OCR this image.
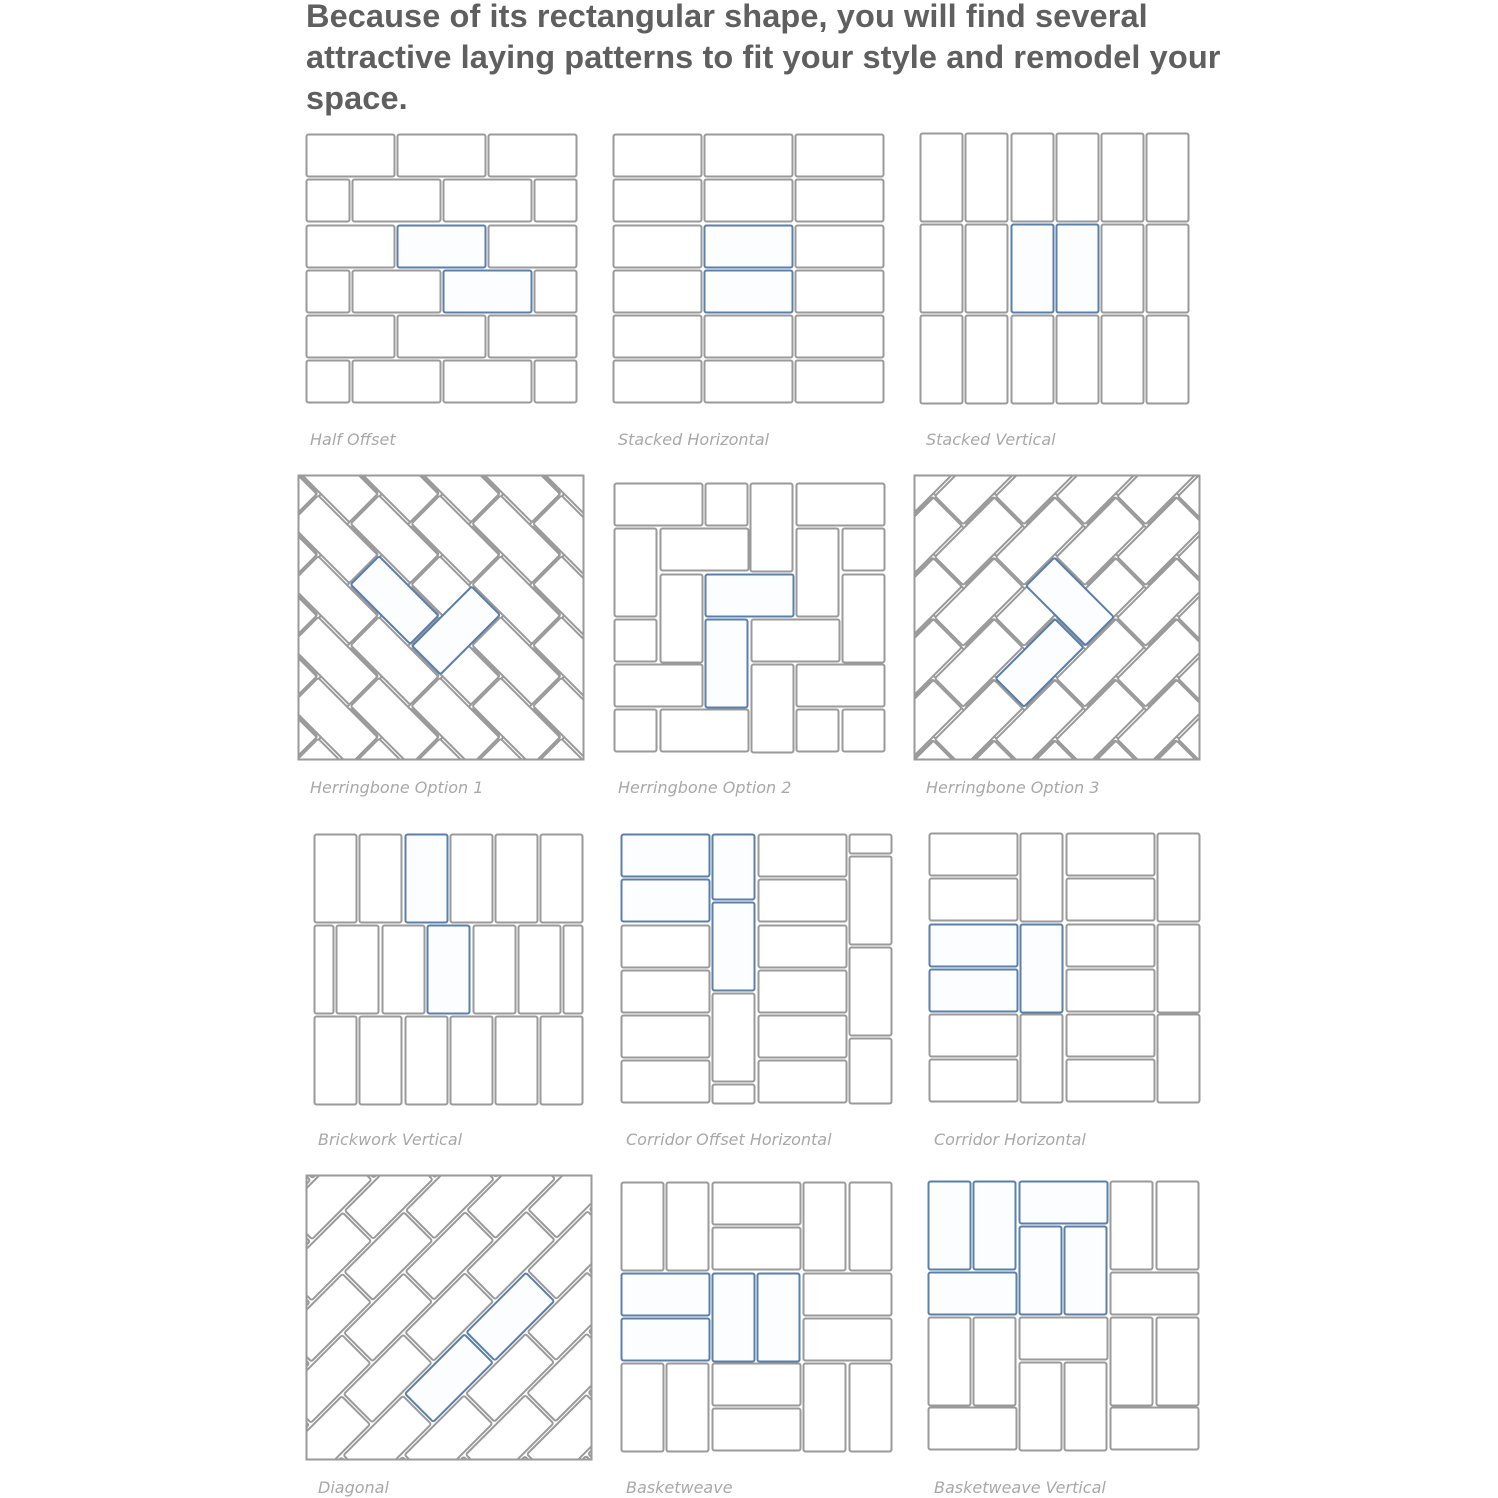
Because of its rectangular shape, you will find several attractive laying patterns to fit your style and remodel your space.
Half Offset	Stacked Horizontal	Stacked Vertical
Herringbone Option 1	Herringbone Option 2	Herringbone Option 3
Brickwork Vertical	Corridor Offset Horizontal	Corridor Horizontal
Diagonal	Basketweave	Basketweave Vertical
